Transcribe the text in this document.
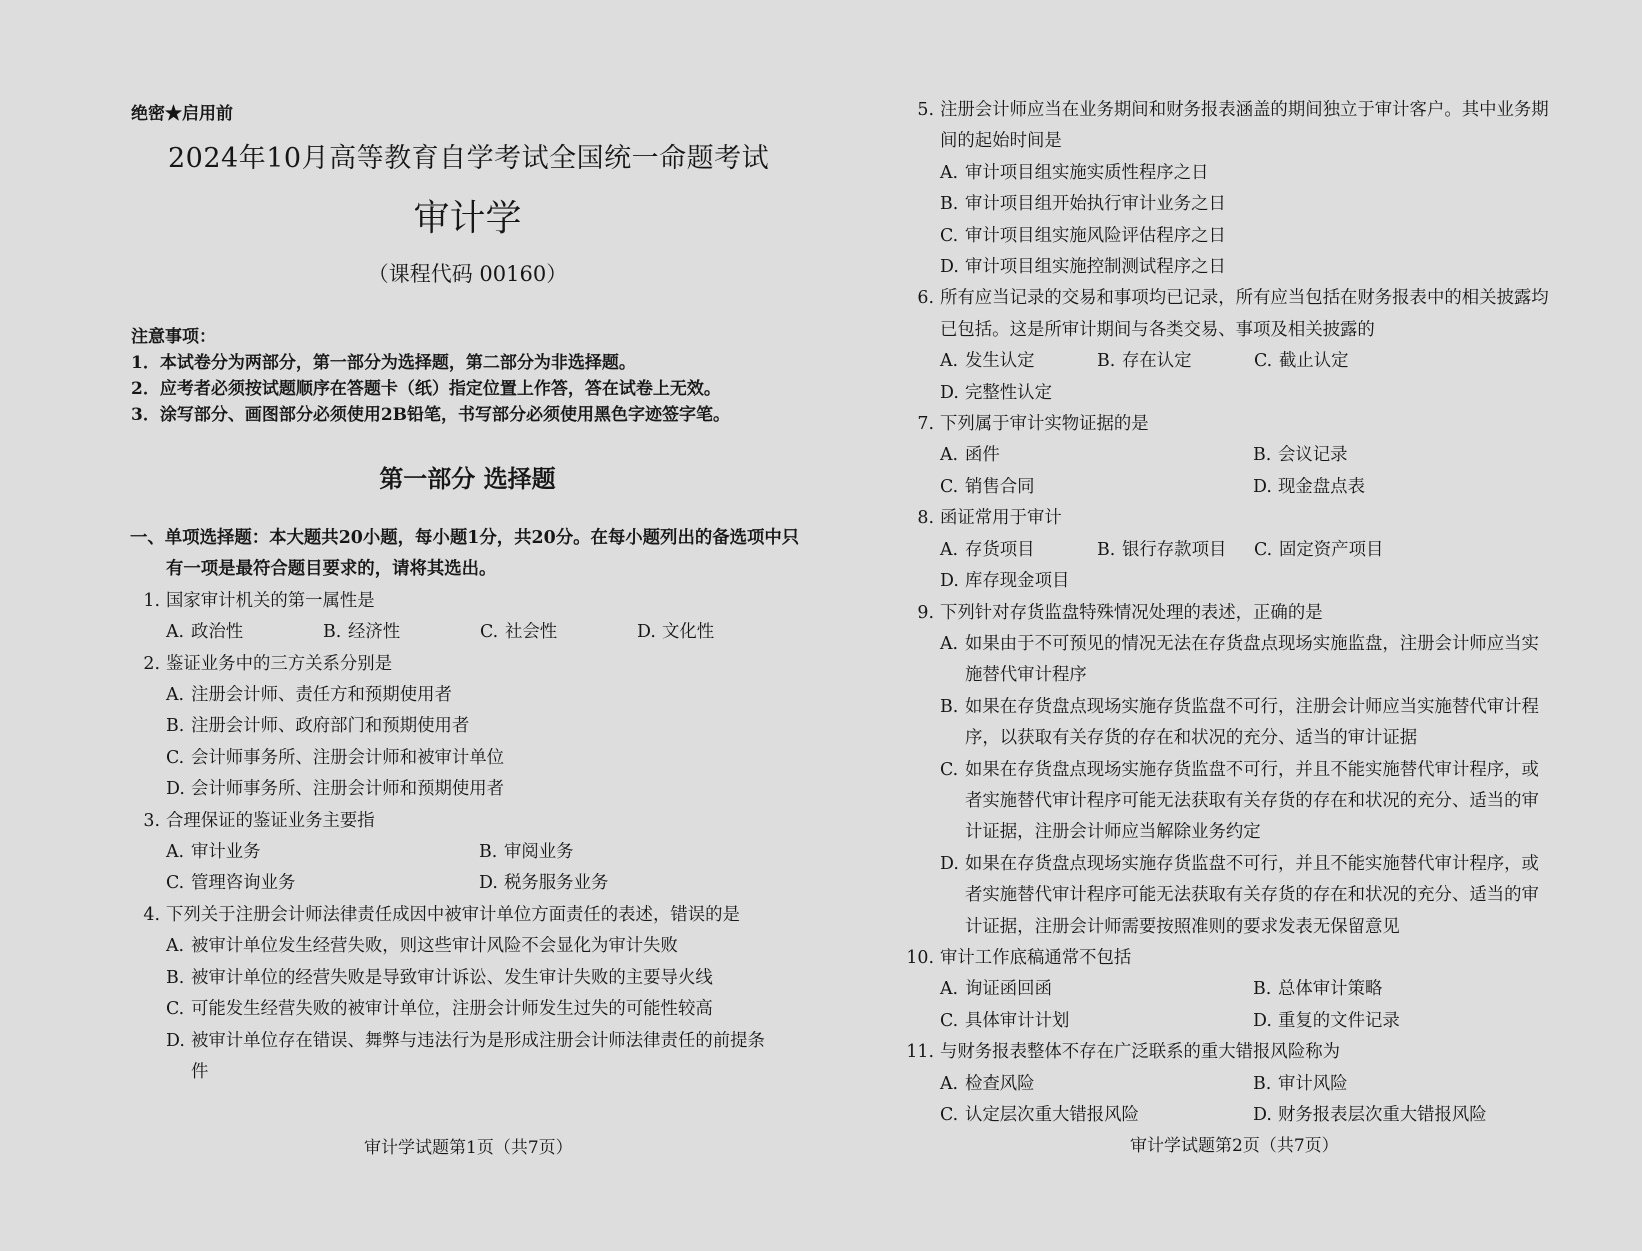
绝密★启用前
2024年10月高等教育自学考试全国统一命题考试
审计学
（课程代码 00160）
注意事项：
1．本试卷分为两部分，第一部分为选择题，第二部分为非选择题。
2．应考者必须按试题顺序在答题卡（纸）指定位置上作答，答在试卷上无效。
3．涂写部分、画图部分必须使用2B铅笔，书写部分必须使用黑色字迹签字笔。
第一部分 选择题
一、单项选择题：本大题共20小题，每小题1分，共20分。在每小题列出的备选项中只有一项是最符合题目要求的，请将其选出。
1. 国家审计机关的第一属性是
A. 政治性	B. 经济性	C. 社会性	D. 文化性
2. 鉴证业务中的三方关系分别是
A. 注册会计师、责任方和预期使用者
B. 注册会计师、政府部门和预期使用者
C. 会计师事务所、注册会计师和被审计单位
D. 会计师事务所、注册会计师和预期使用者
3. 合理保证的鉴证业务主要指
A. 审计业务	B. 审阅业务
C. 管理咨询业务	D. 税务服务业务
4. 下列关于注册会计师法律责任成因中被审计单位方面责任的表述，错误的是
A. 被审计单位发生经营失败，则这些审计风险不会显化为审计失败
B. 被审计单位的经营失败是导致审计诉讼、发生审计失败的主要导火线
C. 可能发生经营失败的被审计单位，注册会计师发生过失的可能性较高
D. 被审计单位存在错误、舞弊与违法行为是形成注册会计师法律责任的前提条件
5. 注册会计师应当在业务期间和财务报表涵盖的期间独立于审计客户。其中业务期间的起始时间是
A. 审计项目组实施实质性程序之日
B. 审计项目组开始执行审计业务之日
C. 审计项目组实施风险评估程序之日
D. 审计项目组实施控制测试程序之日
6. 所有应当记录的交易和事项均已记录，所有应当包括在财务报表中的相关披露均已包括。这是所审计期间与各类交易、事项及相关披露的
A. 发生认定	B. 存在认定	C. 截止认定
D. 完整性认定
7. 下列属于审计实物证据的是
A. 函件	B. 会议记录
C. 销售合同	D. 现金盘点表
8. 函证常用于审计
A. 存货项目	B. 银行存款项目	C. 固定资产项目
D. 库存现金项目
9. 下列针对存货监盘特殊情况处理的表述，正确的是
A. 如果由于不可预见的情况无法在存货盘点现场实施监盘，注册会计师应当实施替代审计程序
B. 如果在存货盘点现场实施存货监盘不可行，注册会计师应当实施替代审计程序，以获取有关存货的存在和状况的充分、适当的审计证据
C. 如果在存货盘点现场实施存货监盘不可行，并且不能实施替代审计程序，或者实施替代审计程序可能无法获取有关存货的存在和状况的充分、适当的审计证据，注册会计师应当解除业务约定
D. 如果在存货盘点现场实施存货监盘不可行，并且不能实施替代审计程序，或者实施替代审计程序可能无法获取有关存货的存在和状况的充分、适当的审计证据，注册会计师需要按照准则的要求发表无保留意见
10. 审计工作底稿通常不包括
A. 询证函回函	B. 总体审计策略
C. 具体审计计划	D. 重复的文件记录
11. 与财务报表整体不存在广泛联系的重大错报风险称为
A. 检查风险	B. 审计风险
C. 认定层次重大错报风险	D. 财务报表层次重大错报风险
审计学试题第1页（共7页）	审计学试题第2页（共7页）
